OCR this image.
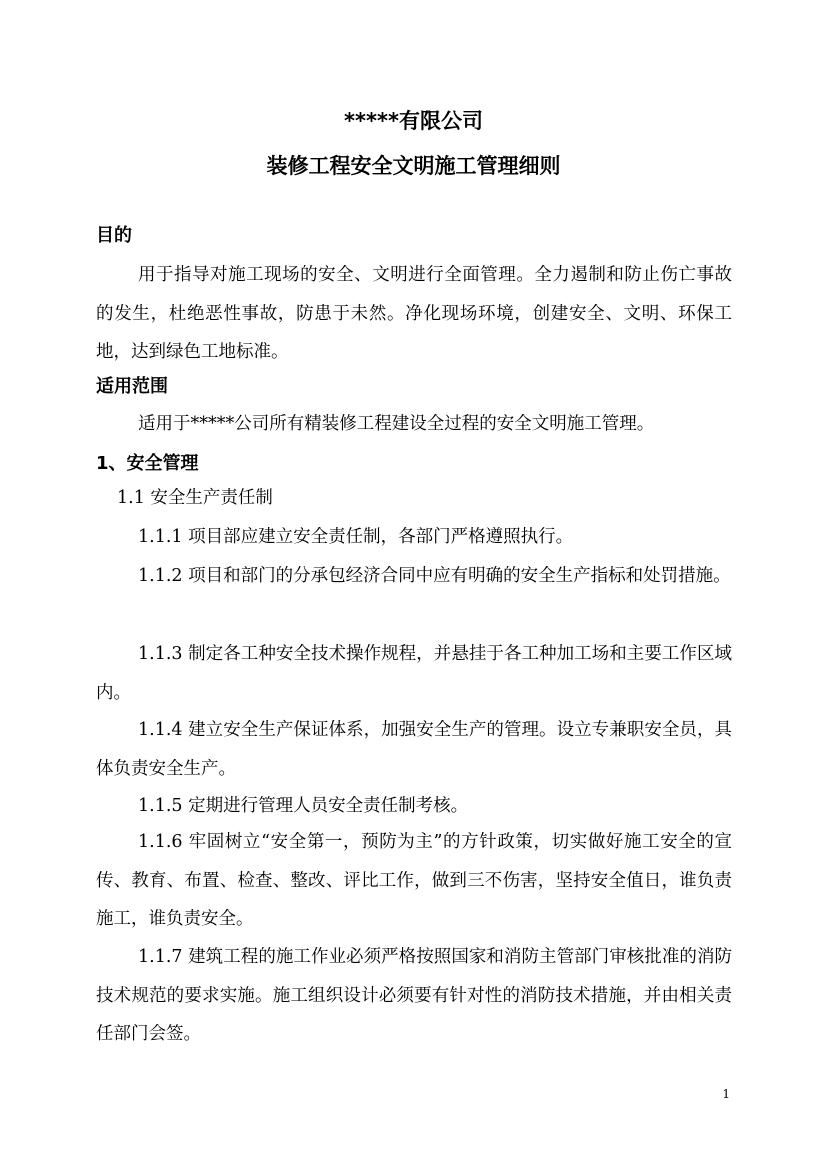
*****有限公司
装修工程安全文明施工管理细则
目的
用于指导对施工现场的安全、文明进行全面管理。全力遏制和防止伤亡事故的发生，杜绝恶性事故，防患于未然。净化现场环境，创建安全、文明、环保工地，达到绿色工地标准。
适用范围
适用于*****公司所有精装修工程建设全过程的安全文明施工管理。
1、安全管理
1.1 安全生产责任制
1.1.1 项目部应建立安全责任制，各部门严格遵照执行。
1.1.2 项目和部门的分承包经济合同中应有明确的安全生产指标和处罚措施。
1.1.3 制定各工种安全技术操作规程，并悬挂于各工种加工场和主要工作区域内。
1.1.4 建立安全生产保证体系，加强安全生产的管理。设立专兼职安全员，具体负责安全生产。
1.1.5 定期进行管理人员安全责任制考核。
1.1.6 牢固树立“安全第一，预防为主”的方针政策，切实做好施工安全的宣传、教育、布置、检查、整改、评比工作，做到三不伤害，坚持安全值日，谁负责施工，谁负责安全。
1.1.7 建筑工程的施工作业必须严格按照国家和消防主管部门审核批准的消防技术规范的要求实施。施工组织设计必须要有针对性的消防技术措施，并由相关责任部门会签。
1
